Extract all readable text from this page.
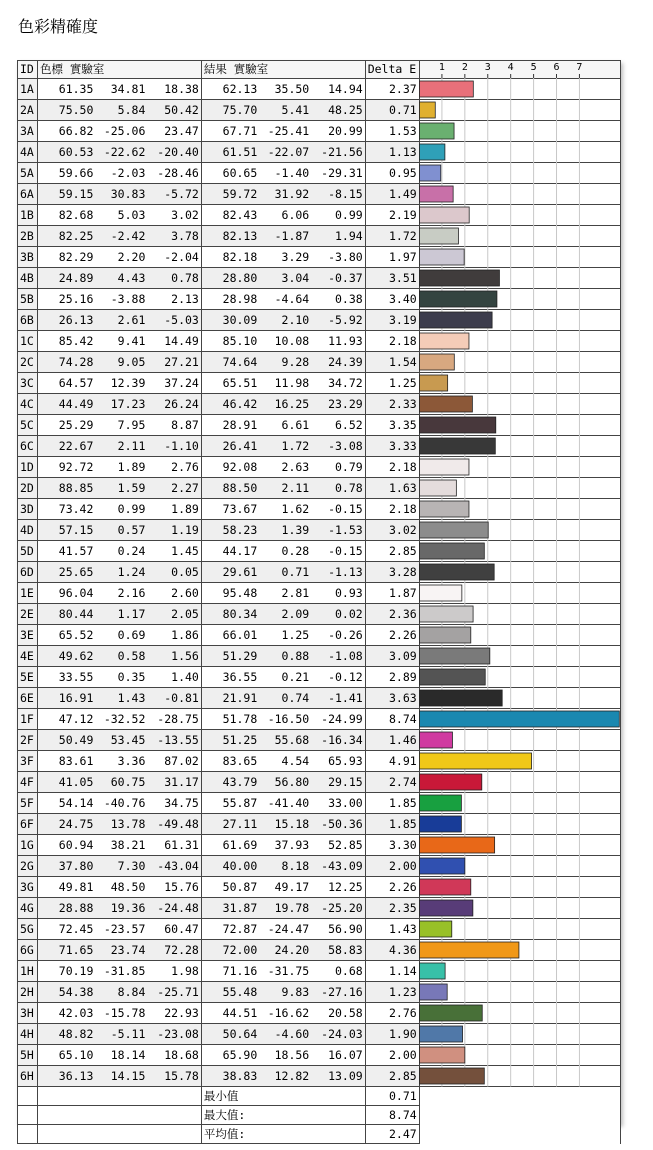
色彩精確度
ID	色標 實驗室			結果 實驗室			Delta E	
1A	61.35	34.81	18.38	62.13	35.50	14.94	2.37	
2A	75.50	5.84	50.42	75.70	5.41	48.25	0.71	
3A	66.82	-25.06	23.47	67.71	-25.41	20.99	1.53	
4A	60.53	-22.62	-20.40	61.51	-22.07	-21.56	1.13	
5A	59.66	-2.03	-28.46	60.65	-1.40	-29.31	0.95	
6A	59.15	30.83	-5.72	59.72	31.92	-8.15	1.49	
1B	82.68	5.03	3.02	82.43	6.06	0.99	2.19	
2B	82.25	-2.42	3.78	82.13	-1.87	1.94	1.72	
3B	82.29	2.20	-2.04	82.18	3.29	-3.80	1.97	
4B	24.89	4.43	0.78	28.80	3.04	-0.37	3.51	
5B	25.16	-3.88	2.13	28.98	-4.64	0.38	3.40	
6B	26.13	2.61	-5.03	30.09	2.10	-5.92	3.19	
1C	85.42	9.41	14.49	85.10	10.08	11.93	2.18	
2C	74.28	9.05	27.21	74.64	9.28	24.39	1.54	
3C	64.57	12.39	37.24	65.51	11.98	34.72	1.25	
4C	44.49	17.23	26.24	46.42	16.25	23.29	2.33	
5C	25.29	7.95	8.87	28.91	6.61	6.52	3.35	
6C	22.67	2.11	-1.10	26.41	1.72	-3.08	3.33	
1D	92.72	1.89	2.76	92.08	2.63	0.79	2.18	
2D	88.85	1.59	2.27	88.50	2.11	0.78	1.63	
3D	73.42	0.99	1.89	73.67	1.62	-0.15	2.18	
4D	57.15	0.57	1.19	58.23	1.39	-1.53	3.02	
5D	41.57	0.24	1.45	44.17	0.28	-0.15	2.85	
6D	25.65	1.24	0.05	29.61	0.71	-1.13	3.28	
1E	96.04	2.16	2.60	95.48	2.81	0.93	1.87	
2E	80.44	1.17	2.05	80.34	2.09	0.02	2.36	
3E	65.52	0.69	1.86	66.01	1.25	-0.26	2.26	
4E	49.62	0.58	1.56	51.29	0.88	-1.08	3.09	
5E	33.55	0.35	1.40	36.55	0.21	-0.12	2.89	
6E	16.91	1.43	-0.81	21.91	0.74	-1.41	3.63	
1F	47.12	-32.52	-28.75	51.78	-16.50	-24.99	8.74	
2F	50.49	53.45	-13.55	51.25	55.68	-16.34	1.46	
3F	83.61	3.36	87.02	83.65	4.54	65.93	4.91	
4F	41.05	60.75	31.17	43.79	56.80	29.15	2.74	
5F	54.14	-40.76	34.75	55.87	-41.40	33.00	1.85	
6F	24.75	13.78	-49.48	27.11	15.18	-50.36	1.85	
1G	60.94	38.21	61.31	61.69	37.93	52.85	3.30	
2G	37.80	7.30	-43.04	40.00	8.18	-43.09	2.00	
3G	49.81	48.50	15.76	50.87	49.17	12.25	2.26	
4G	28.88	19.36	-24.48	31.87	19.78	-25.20	2.35	
5G	72.45	-23.57	60.47	72.87	-24.47	56.90	1.43	
6G	71.65	23.74	72.28	72.00	24.20	58.83	4.36	
1H	70.19	-31.85	1.98	71.16	-31.75	0.68	1.14	
2H	54.38	8.84	-25.71	55.48	9.83	-27.16	1.23	
3H	42.03	-15.78	22.93	44.51	-16.62	20.58	2.76	
4H	48.82	-5.11	-23.08	50.64	-4.60	-24.03	1.90	
5H	65.10	18.14	18.68	65.90	18.56	16.07	2.00	
6H	36.13	14.15	15.78	38.83	12.82	13.09	2.85	
				最小值			0.71	
				最大值:			8.74	
				平均值:			2.47	
1 2 3 4 5 6 7
